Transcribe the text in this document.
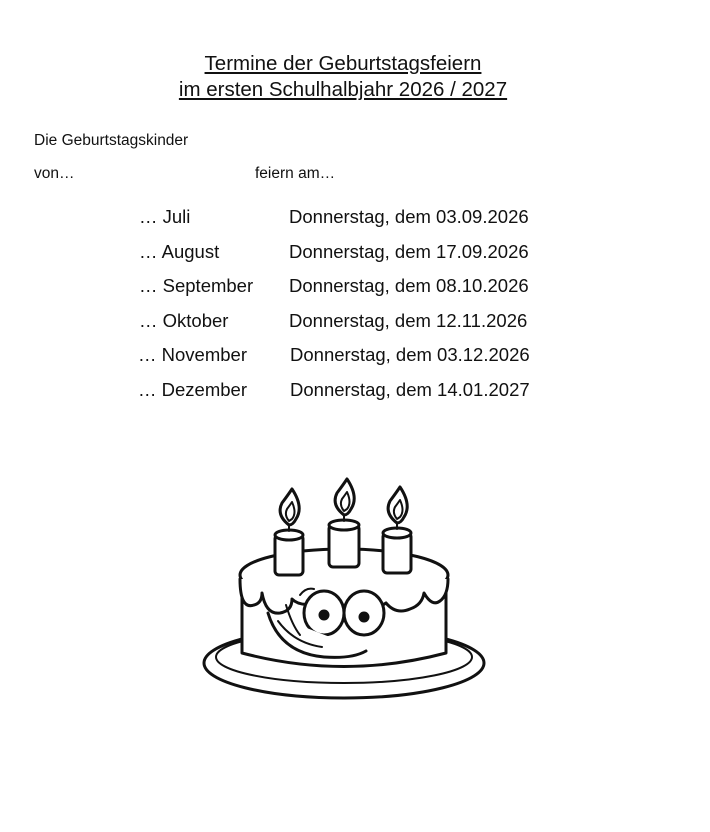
Termine der Geburtstagsfeiern
im ersten Schulhalbjahr 2026 / 2027
Die Geburtstagskinder
von…	feiern am…
… Juli	Donnerstag, dem 03.09.2026
… August	Donnerstag, dem 17.09.2026
… September Donnerstag, dem 08.10.2026
… Oktober	Donnerstag, dem 12.11.2026
… November Donnerstag, dem 03.12.2026
… Dezember Donnerstag, dem 14.01.2027
